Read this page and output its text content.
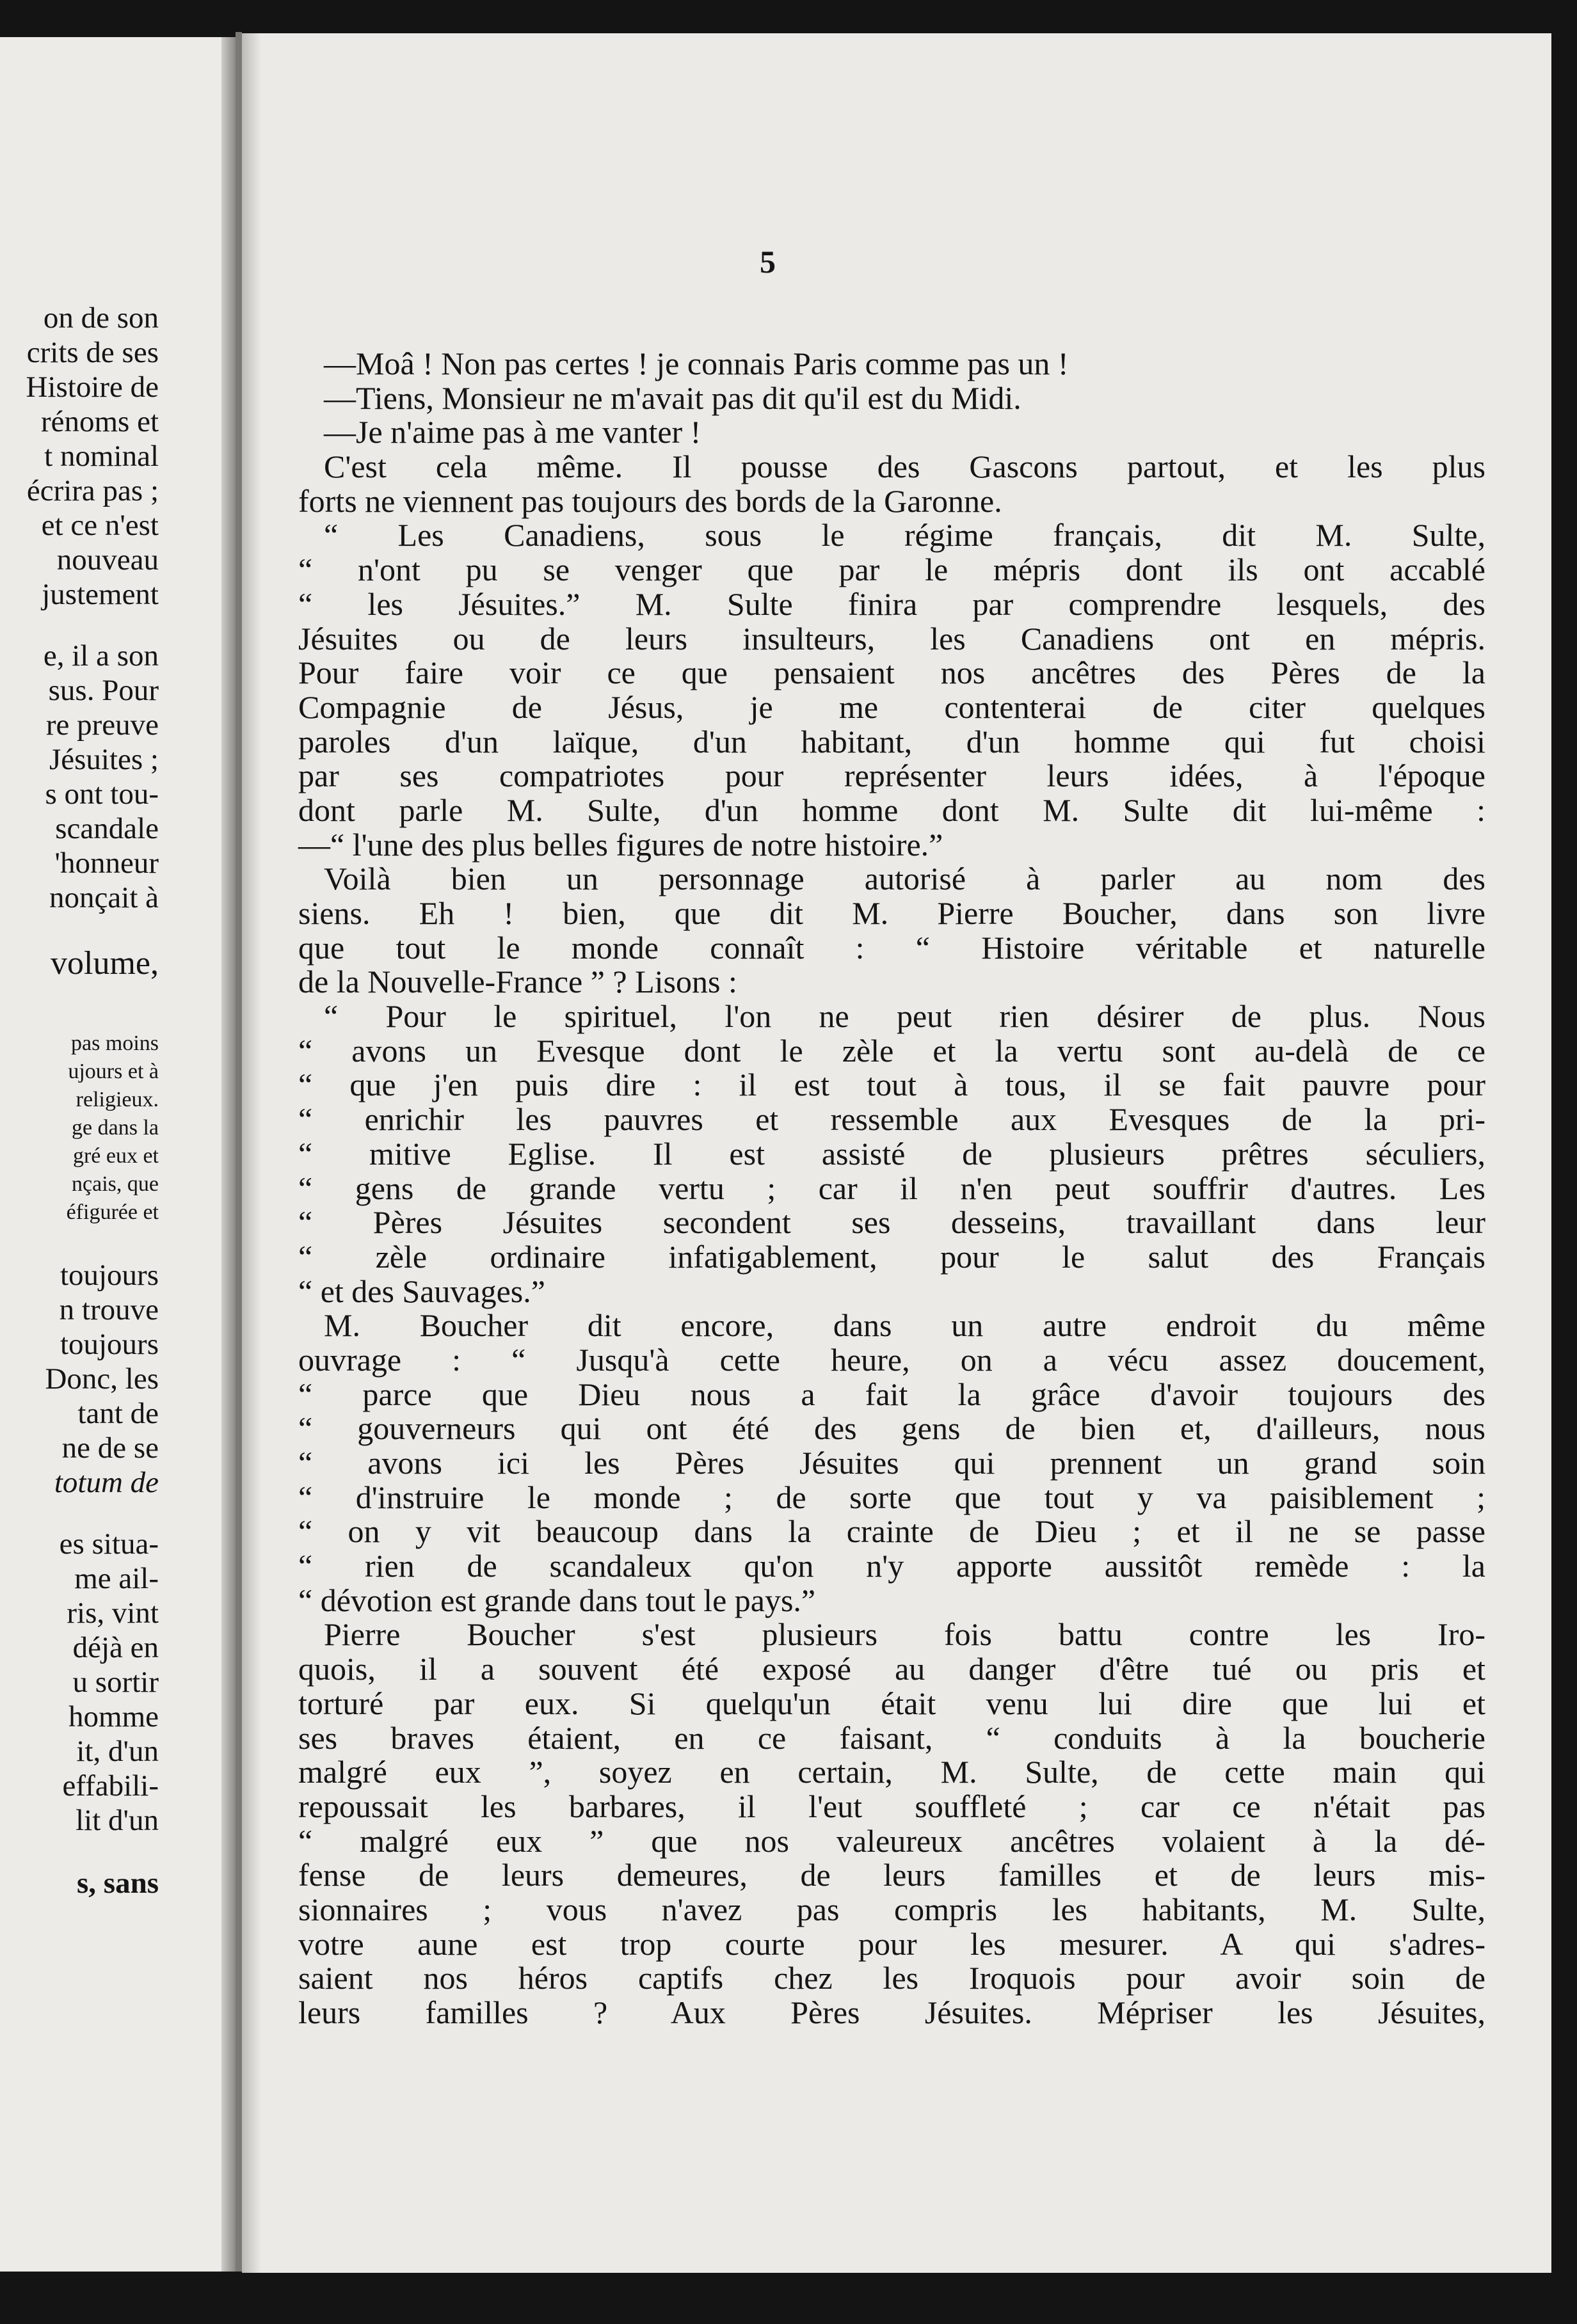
on de son
crits de ses
Histoire de
rénoms et
t nominal
écrira pas ;
et ce n'est
nouveau
justement
e, il a son
sus. Pour
re preuve
Jésuites ;
s ont tou-
scandale
'honneur
nonçait à
volume,
pas moins
ujours et à
religieux.
ge dans la
gré eux et
nçais, que
éfigurée et
toujours
n trouve
toujours
Donc, les
tant de
ne de se
totum de
es situa-
me ail-
ris, vint
déjà en
u sortir
homme
it, d'un
effabili-
lit d'un
s, sans
5
—Moâ ! Non pas certes ! je connais Paris comme pas un !
—Tiens, Monsieur ne m'avait pas dit qu'il est du Midi.
—Je n'aime pas à me vanter !
C'est cela même. Il pousse des Gascons partout, et les plus
forts ne viennent pas toujours des bords de la Garonne.
“ Les Canadiens, sous le régime français, dit M. Sulte,
“ n'ont pu se venger que par le mépris dont ils ont accablé
“ les Jésuites.” M. Sulte finira par comprendre lesquels, des
Jésuites ou de leurs insulteurs, les Canadiens ont en mépris.
Pour faire voir ce que pensaient nos ancêtres des Pères de la
Compagnie de Jésus, je me contenterai de citer quelques
paroles d'un laïque, d'un habitant, d'un homme qui fut choisi
par ses compatriotes pour représenter leurs idées, à l'époque
dont parle M. Sulte, d'un homme dont M. Sulte dit lui-même :
—“ l'une des plus belles figures de notre histoire.”
Voilà bien un personnage autorisé à parler au nom des
siens. Eh ! bien, que dit M. Pierre Boucher, dans son livre
que tout le monde connaît : “ Histoire véritable et naturelle
de la Nouvelle-France ” ? Lisons :
“ Pour le spirituel, l'on ne peut rien désirer de plus. Nous
“ avons un Evesque dont le zèle et la vertu sont au-delà de ce
“ que j'en puis dire : il est tout à tous, il se fait pauvre pour
“ enrichir les pauvres et ressemble aux Evesques de la pri-
“ mitive Eglise. Il est assisté de plusieurs prêtres séculiers,
“ gens de grande vertu ; car il n'en peut souffrir d'autres. Les
“ Pères Jésuites secondent ses desseins, travaillant dans leur
“ zèle ordinaire infatigablement, pour le salut des Français
“ et des Sauvages.”
M. Boucher dit encore, dans un autre endroit du même
ouvrage : “ Jusqu'à cette heure, on a vécu assez doucement,
“ parce que Dieu nous a fait la grâce d'avoir toujours des
“ gouverneurs qui ont été des gens de bien et, d'ailleurs, nous
“ avons ici les Pères Jésuites qui prennent un grand soin
“ d'instruire le monde ; de sorte que tout y va paisiblement ;
“ on y vit beaucoup dans la crainte de Dieu ; et il ne se passe
“ rien de scandaleux qu'on n'y apporte aussitôt remède : la
“ dévotion est grande dans tout le pays.”
Pierre Boucher s'est plusieurs fois battu contre les Iro-
quois, il a souvent été exposé au danger d'être tué ou pris et
torturé par eux. Si quelqu'un était venu lui dire que lui et
ses braves étaient, en ce faisant, “ conduits à la boucherie
malgré eux ”, soyez en certain, M. Sulte, de cette main qui
repoussait les barbares, il l'eut souffleté ; car ce n'était pas
“ malgré eux ” que nos valeureux ancêtres volaient à la dé-
fense de leurs demeures, de leurs familles et de leurs mis-
sionnaires ; vous n'avez pas compris les habitants, M. Sulte,
votre aune est trop courte pour les mesurer. A qui s'adres-
saient nos héros captifs chez les Iroquois pour avoir soin de
leurs familles ? Aux Pères Jésuites. Mépriser les Jésuites,
